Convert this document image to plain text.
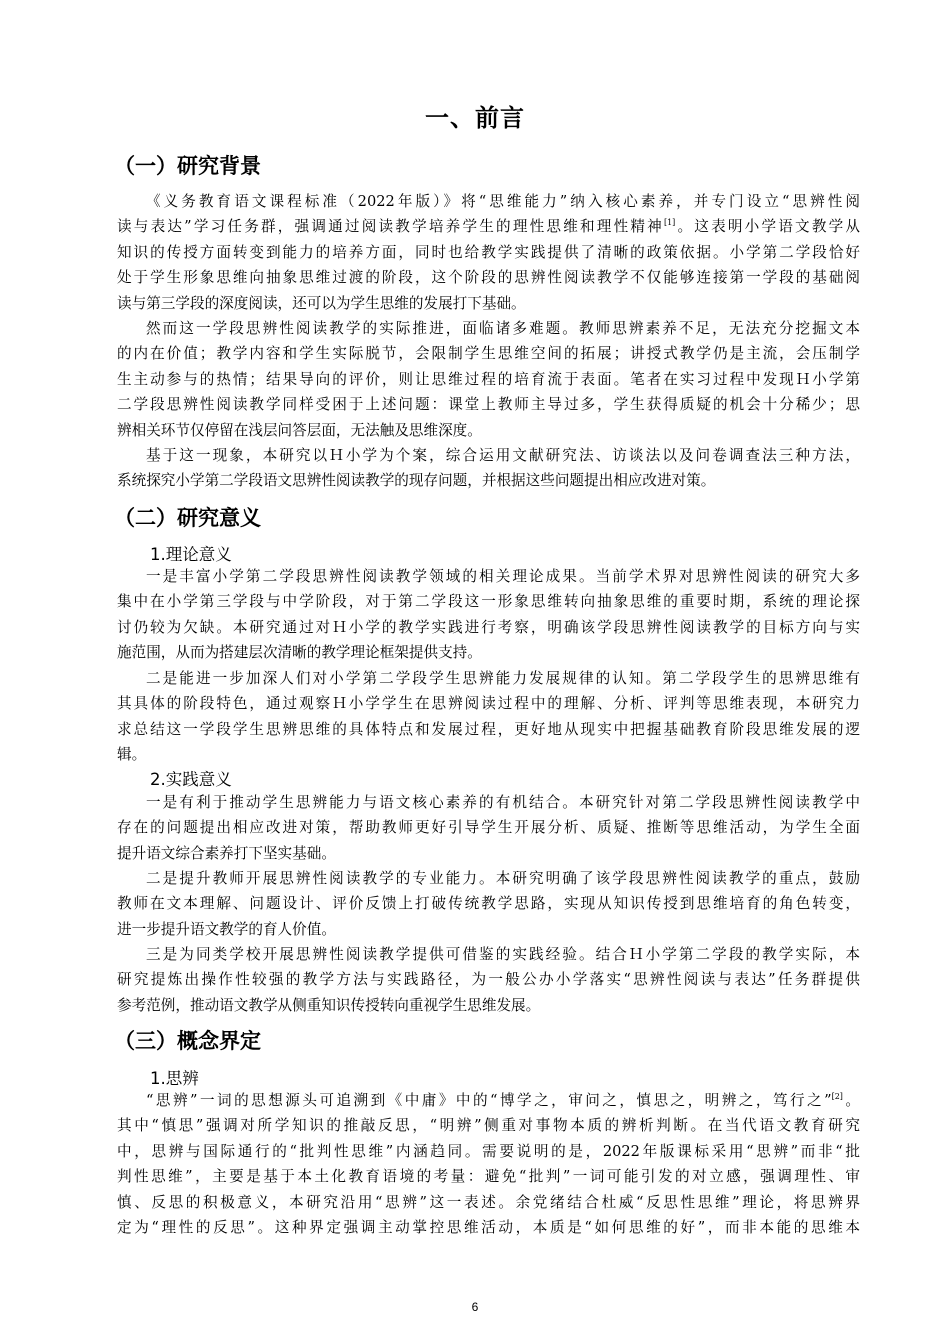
一、前言
（一）研究背景
《义务教育语文课程标准（2022年版）》将“思维能力”纳入核心素养，并专门设立“思辨性阅
读与表达”学习任务群，强调通过阅读教学培养学生的理性思维和理性精神[1]。这表明小学语文教学从
知识的传授方面转变到能力的培养方面，同时也给教学实践提供了清晰的政策依据。小学第二学段恰好
处于学生形象思维向抽象思维过渡的阶段，这个阶段的思辨性阅读教学不仅能够连接第一学段的基础阅
读与第三学段的深度阅读，还可以为学生思维的发展打下基础。
然而这一学段思辨性阅读教学的实际推进，面临诸多难题。教师思辨素养不足，无法充分挖掘文本
的内在价值；教学内容和学生实际脱节，会限制学生思维空间的拓展；讲授式教学仍是主流，会压制学
生主动参与的热情；结果导向的评价，则让思维过程的培育流于表面。笔者在实习过程中发现Ｈ小学第
二学段思辨性阅读教学同样受困于上述问题：课堂上教师主导过多，学生获得质疑的机会十分稀少；思
辨相关环节仅停留在浅层问答层面，无法触及思维深度。
基于这一现象，本研究以Ｈ小学为个案，综合运用文献研究法、访谈法以及问卷调查法三种方法，
系统探究小学第二学段语文思辨性阅读教学的现存问题，并根据这些问题提出相应改进对策。
（二）研究意义
1.理论意义
一是丰富小学第二学段思辨性阅读教学领域的相关理论成果。当前学术界对思辨性阅读的研究大多
集中在小学第三学段与中学阶段，对于第二学段这一形象思维转向抽象思维的重要时期，系统的理论探
讨仍较为欠缺。本研究通过对Ｈ小学的教学实践进行考察，明确该学段思辨性阅读教学的目标方向与实
施范围，从而为搭建层次清晰的教学理论框架提供支持。
二是能进一步加深人们对小学第二学段学生思辨能力发展规律的认知。第二学段学生的思辨思维有
其具体的阶段特色，通过观察Ｈ小学学生在思辨阅读过程中的理解、分析、评判等思维表现，本研究力
求总结这一学段学生思辨思维的具体特点和发展过程，更好地从现实中把握基础教育阶段思维发展的逻
辑。
2.实践意义
一是有利于推动学生思辨能力与语文核心素养的有机结合。本研究针对第二学段思辨性阅读教学中
存在的问题提出相应改进对策，帮助教师更好引导学生开展分析、质疑、推断等思维活动，为学生全面
提升语文综合素养打下坚实基础。
二是提升教师开展思辨性阅读教学的专业能力。本研究明确了该学段思辨性阅读教学的重点，鼓励
教师在文本理解、问题设计、评价反馈上打破传统教学思路，实现从知识传授到思维培育的角色转变，
进一步提升语文教学的育人价值。
三是为同类学校开展思辨性阅读教学提供可借鉴的实践经验。结合Ｈ小学第二学段的教学实际，本
研究提炼出操作性较强的教学方法与实践路径，为一般公办小学落实“思辨性阅读与表达”任务群提供
参考范例，推动语文教学从侧重知识传授转向重视学生思维发展。
（三）概念界定
1.思辨
“思辨”一词的思想源头可追溯到《中庸》中的“博学之，审问之，慎思之，明辨之，笃行之”[2]。
其中“慎思”强调对所学知识的推敲反思，“明辨”侧重对事物本质的辨析判断。在当代语文教育研究
中，思辨与国际通行的“批判性思维”内涵趋同。需要说明的是，2022年版课标采用“思辨”而非“批
判性思维”，主要是基于本土化教育语境的考量：避免“批判”一词可能引发的对立感，强调理性、审
慎、反思的积极意义，本研究沿用“思辨”这一表述。余党绪结合杜威“反思性思维”理论，将思辨界
定为“理性的反思”。这种界定强调主动掌控思维活动，本质是“如何思维的好”，而非本能的思维本
6
